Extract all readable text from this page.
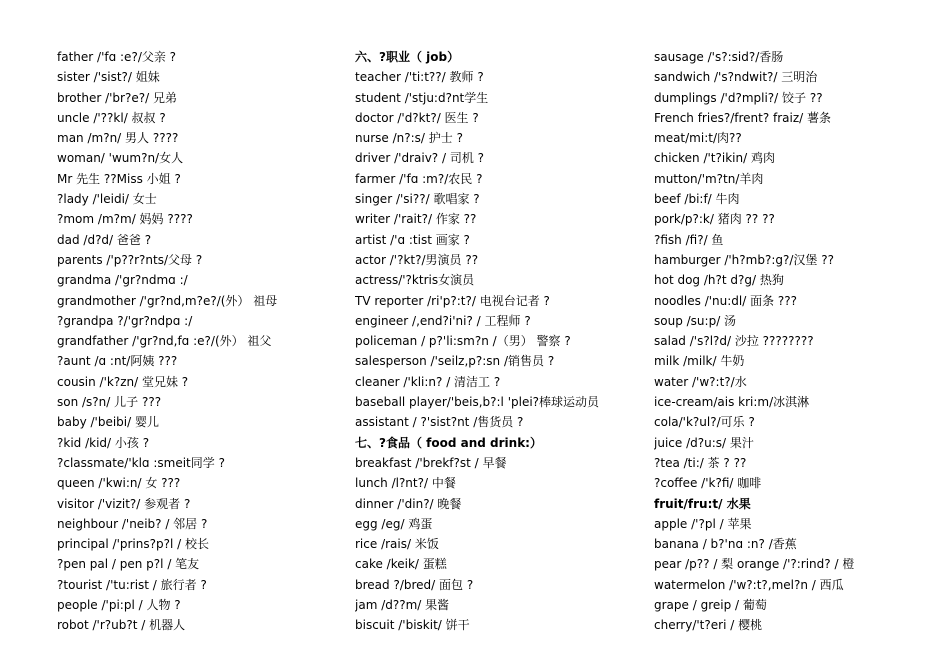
father /'fɑ :e?/父亲 ?
sister /'sist?/ 姐妹
brother /'br?e?/ 兄弟
uncle /'??kl/ 叔叔 ?
man /m?n/ 男人 ????
woman/ 'wum?n/女人
Mr 先生 ??Miss 小姐 ?
?lady /'leidi/ 女士
?mom /m?m/ 妈妈 ????
dad /d?d/ 爸爸 ?
parents /'p??r?nts/父母 ?
grandma /'gr?ndmɑ :/
grandmother /'gr?nd,m?e?/(外） 祖母
?grandpa ?/'gr?ndpɑ :/
grandfather /'gr?nd,fɑ :e?/(外） 祖父
?aunt /ɑ :nt/阿姨 ???
cousin /'k?zn/ 堂兄妹 ?
son /s?n/ 儿子 ???
baby /'beibi/ 婴儿
?kid /kid/ 小孩 ?
?classmate/'klɑ :smeit同学 ?
queen /'kwi:n/ 女 ???
visitor /'vizit?/ 参观者 ?
neighbour /'neib? / 邻居 ?
principal /'prins?p?l / 校长
?pen pal / pen p?l / 笔友
?tourist /'tu:rist / 旅行者 ?
people /'pi:pl / 人物 ?
robot /'r?ub?t / 机器人
六、?职业（ job）
teacher /'ti:t??/ 教师 ?
student /'stju:d?nt学生
doctor /'d?kt?/ 医生 ?
nurse /n?:s/ 护士 ?
driver /'draiv? / 司机 ?
farmer /'fɑ :m?/农民 ?
singer /'si??/ 歌唱家 ?
writer /'rait?/ 作家 ??
artist /'ɑ :tist 画家 ?
actor /'?kt?/男演员 ??
actress/'?ktris女演员
TV reporter /ri'p?:t?/ 电视台记者 ?
engineer /,end?i'ni? / 工程师 ?
policeman / p?'li:sm?n /（男） 警察 ?
salesperson /'seilz,p?:sn /销售员 ?
cleaner /'kli:n? / 清洁工 ?
baseball player/'beis,b?:l 'plei?棒球运动员
assistant / ?'sist?nt /售货员 ?
七、?食品（ food and drink:）
breakfast /'brekf?st / 早餐
lunch /l?nt?/ 中餐
dinner /'din?/ 晚餐
egg /eg/ 鸡蛋
rice /rais/ 米饭
cake /keik/ 蛋糕
bread ?/bred/ 面包 ?
jam /d??m/ 果酱
biscuit /'biskit/ 饼干
sausage /'s?:sid?/香肠
sandwich /'s?ndwit?/ 三明治
dumplings /'d?mpli?/ 饺子 ??
French fries?/frent? fraiz/ 薯条
meat/mi:t/肉??
chicken /'t?ikin/ 鸡肉
mutton/'m?tn/羊肉
beef /bi:f/ 牛肉
pork/p?:k/ 猪肉 ?? ??
?fish /fi?/ 鱼
hamburger /'h?mb?:g?/汉堡 ??
hot dog /h?t d?g/ 热狗
noodles /'nu:dl/ 面条 ???
soup /su:p/ 汤
salad /'s?l?d/ 沙拉 ????????
milk /milk/ 牛奶
water /'w?:t?/水
ice-cream/ais kri:m/冰淇淋
cola/'k?ul?/可乐 ?
juice /d?u:s/ 果汁
?tea /ti:/ 茶 ? ??
?coffee /'k?fi/ 咖啡
fruit/fru:t/ 水果
apple /'?pl / 苹果
banana / b?'nɑ :n? /香蕉
pear /p?? / 梨 orange /'?:rind? / 橙
watermelon /'w?:t?,mel?n / 西瓜
grape / greip / 葡萄
cherry/'t?eri / 樱桃
